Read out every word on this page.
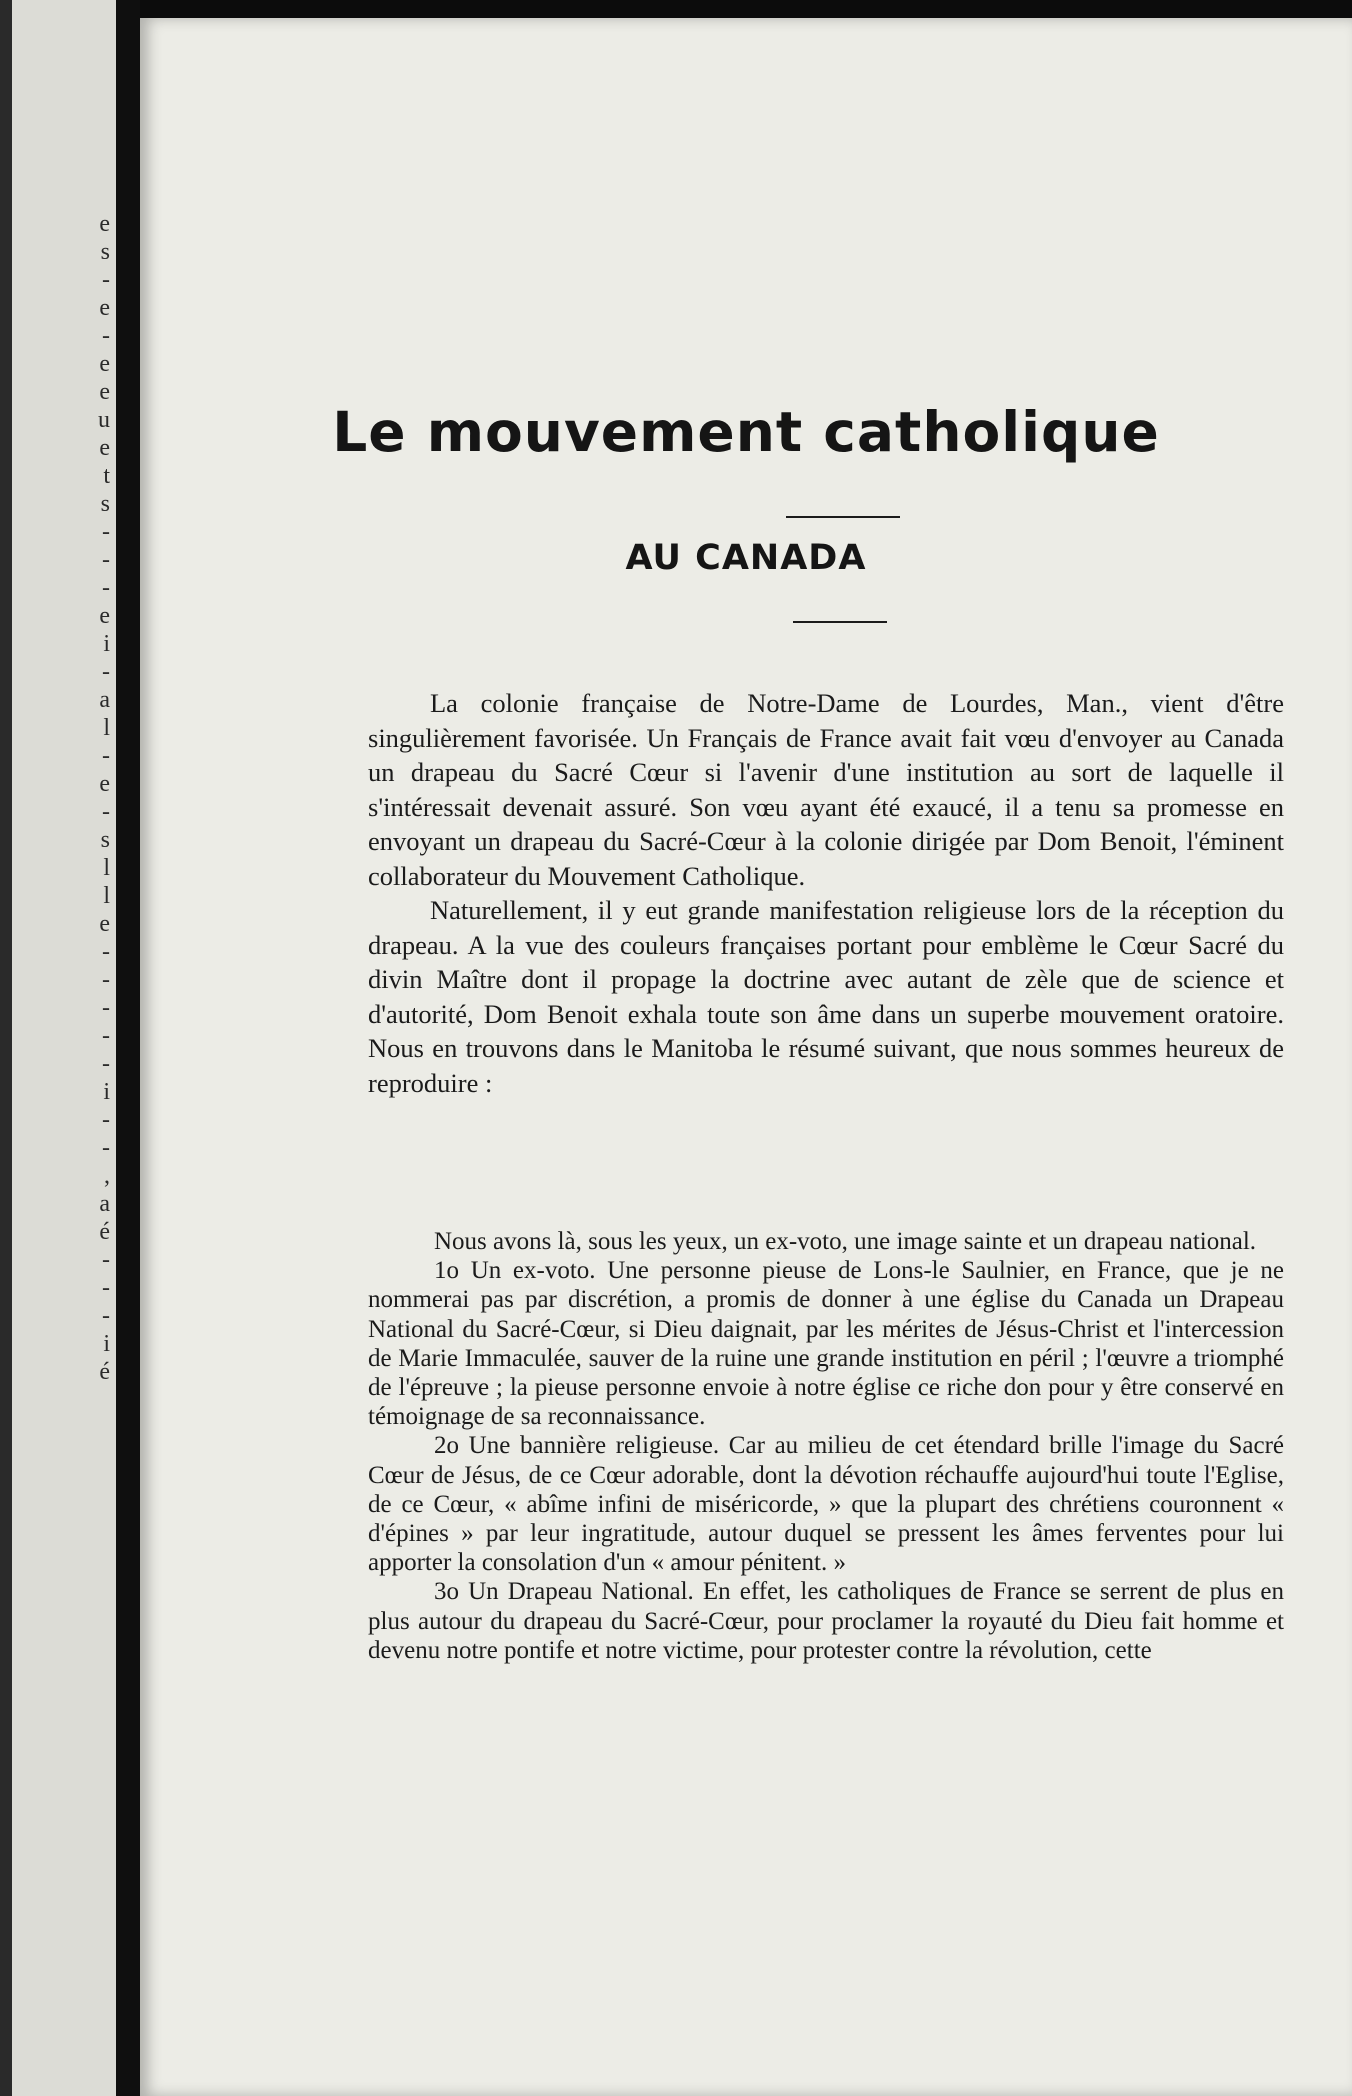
e
s
-
e
-
e
e
u
e
t
s
-
-
-
e
i
-
a
l
-
e
-
s
l
l
e
-
-
-
-
-
i
-
-
,
a
é
-
-
-
i
é
Le mouvement catholique
AU CANADA

La colonie française de Notre-Dame de Lourdes, Man., vient d'être singulièrement favorisée. Un Français de France avait fait vœu d'envoyer au Canada un drapeau du Sacré Cœur si l'avenir d'une institution au sort de laquelle il s'intéressait devenait assuré. Son vœu ayant été exaucé, il a tenu sa promesse en envoyant un drapeau du Sacré-Cœur à la colonie dirigée par Dom Benoit, l'éminent collaborateur du Mouvement Catholique.

Naturellement, il y eut grande manifestation religieuse lors de la réception du drapeau. A la vue des couleurs françaises portant pour emblème le Cœur Sacré du divin Maître dont il propage la doctrine avec autant de zèle que de science et d'autorité, Dom Benoit exhala toute son âme dans un superbe mouvement oratoire. Nous en trouvons dans le Manitoba le résumé suivant, que nous sommes heureux de reproduire :

Nous avons là, sous les yeux, un ex-voto, une image sainte et un drapeau national.

1o Un ex-voto. Une personne pieuse de Lons-le Saulnier, en France, que je ne nommerai pas par discrétion, a promis de donner à une église du Canada un Drapeau National du Sacré-Cœur, si Dieu daignait, par les mérites de Jésus-Christ et l'intercession de Marie Immaculée, sauver de la ruine une grande institution en péril ; l'œuvre a triomphé de l'épreuve ; la pieuse personne envoie à notre église ce riche don pour y être conservé en témoignage de sa reconnaissance.

2o Une bannière religieuse. Car au milieu de cet étendard brille l'image du Sacré Cœur de Jésus, de ce Cœur adorable, dont la dévotion réchauffe aujourd'hui toute l'Eglise, de ce Cœur, « abîme infini de miséricorde, » que la plupart des chrétiens couronnent « d'épines » par leur ingratitude, autour duquel se pressent les âmes ferventes pour lui apporter la consolation d'un « amour pénitent. »

3o Un Drapeau National. En effet, les catholiques de France se serrent de plus en plus autour du drapeau du Sacré-Cœur, pour proclamer la royauté du Dieu fait homme et devenu notre pontife et notre victime, pour protester contre la révolution, cette
